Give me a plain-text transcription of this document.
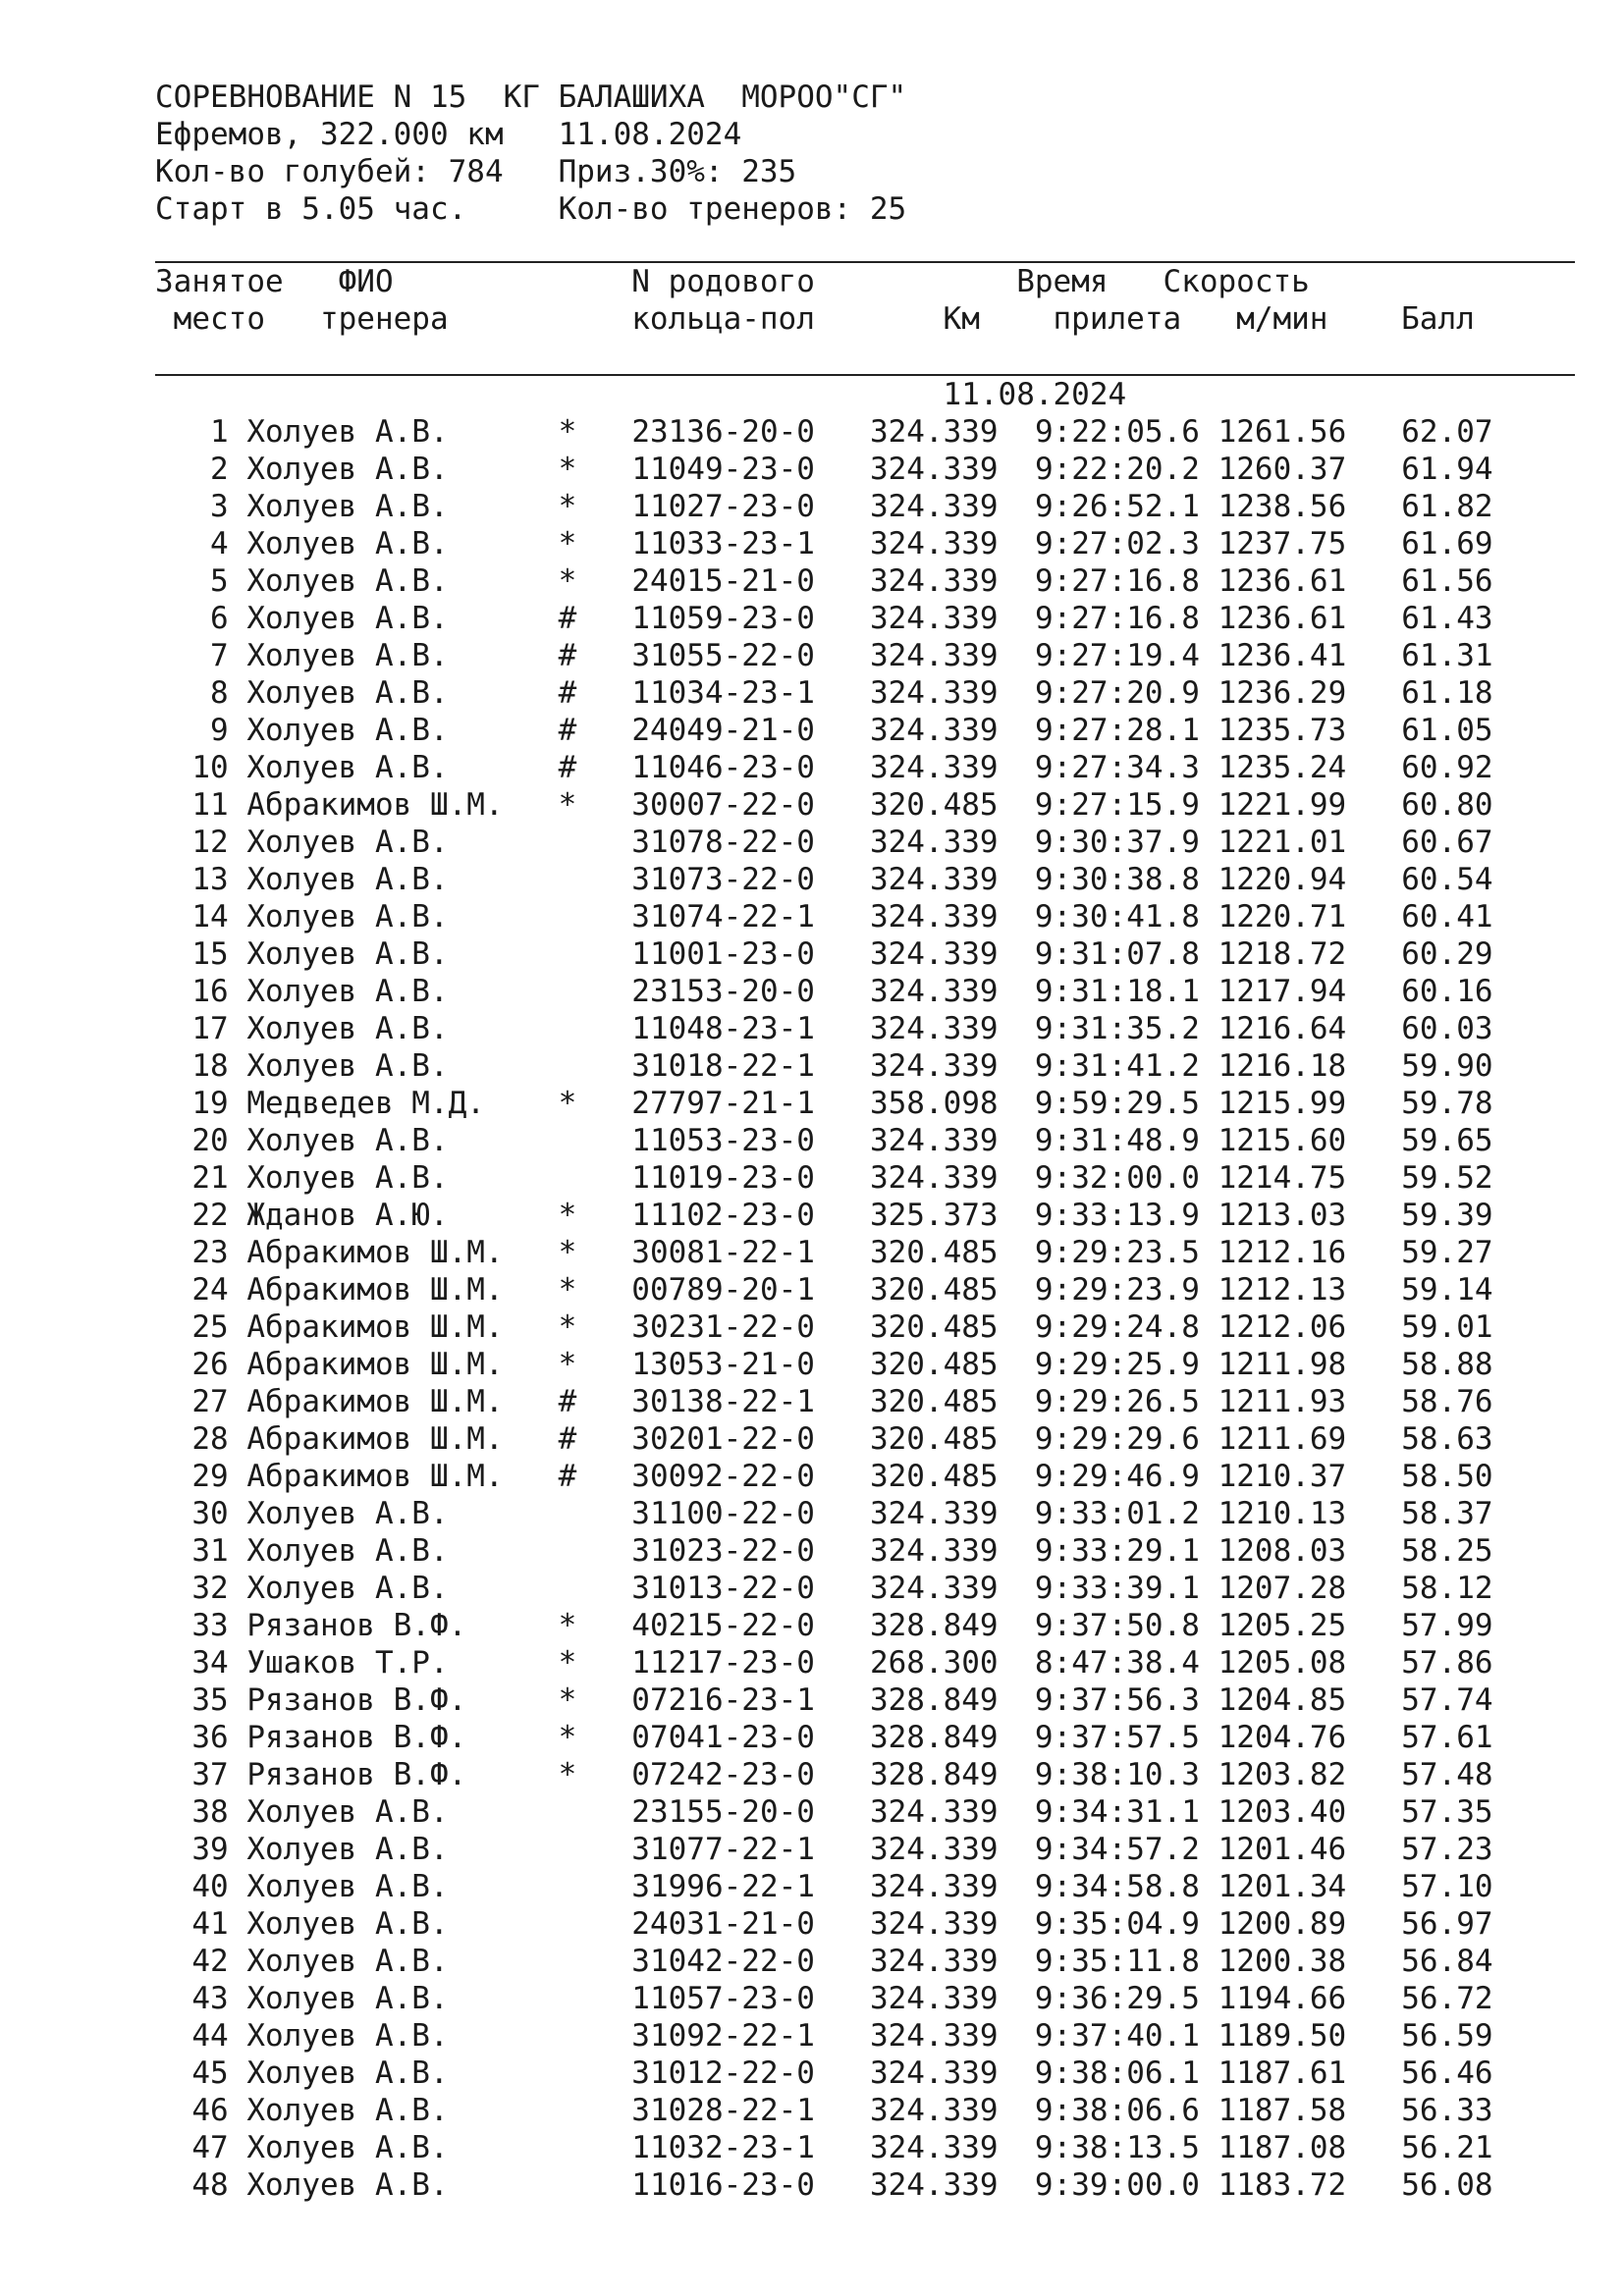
СОРЕВНОВАНИЕ N 15  КГ БАЛАШИХА  МОРОО"СГ"
Ефремов, 322.000 км   11.08.2024
Кол-во голубей: 784   Приз.30%: 235
Старт в 5.05 час.     Кол-во тренеров: 25
Занятое   ФИО             N родового           Время   Скорость
место   тренера          кольца-пол       Км    прилета   м/мин    Балл
11.08.2024
1 Холуев А.В.	* 23136-20-0 324.339 9:22:05.6 1261.56 62.07
2 Холуев А.В.	* 11049-23-0 324.339 9:22:20.2 1260.37 61.94
3 Холуев А.В.	* 11027-23-0 324.339 9:26:52.1 1238.56 61.82
4 Холуев А.В.	* 11033-23-1 324.339 9:27:02.3 1237.75 61.69
5 Холуев А.В.	* 24015-21-0 324.339 9:27:16.8 1236.61 61.56
6 Холуев А.В.	# 11059-23-0 324.339 9:27:16.8 1236.61 61.43
7 Холуев А.В.	# 31055-22-0 324.339 9:27:19.4 1236.41 61.31
8 Холуев А.В.	# 11034-23-1 324.339 9:27:20.9 1236.29 61.18
9 Холуев А.В.	# 24049-21-0 324.339 9:27:28.1 1235.73 61.05
10 Холуев А.В.	# 11046-23-0 324.339 9:27:34.3 1235.24 60.92
11 Абракимов Ш.М. * 30007-22-0 320.485 9:27:15.9 1221.99 60.80
12 Холуев А.В.	31078-22-0 324.339 9:30:37.9 1221.01 60.67
13 Холуев А.В.	31073-22-0 324.339 9:30:38.8 1220.94 60.54
14 Холуев А.В.	31074-22-1 324.339 9:30:41.8 1220.71 60.41
15 Холуев А.В.	11001-23-0 324.339 9:31:07.8 1218.72 60.29
16 Холуев А.В.	23153-20-0 324.339 9:31:18.1 1217.94 60.16
17 Холуев А.В.	11048-23-1 324.339 9:31:35.2 1216.64 60.03
18 Холуев А.В.	31018-22-1 324.339 9:31:41.2 1216.18 59.90
19 Медведев М.Д. * 27797-21-1 358.098 9:59:29.5 1215.99 59.78
20 Холуев А.В.	11053-23-0 324.339 9:31:48.9 1215.60 59.65
21 Холуев А.В.	11019-23-0 324.339 9:32:00.0 1214.75 59.52
22 Жданов А.Ю.	* 11102-23-0 325.373 9:33:13.9 1213.03 59.39
23 Абракимов Ш.М. * 30081-22-1 320.485 9:29:23.5 1212.16 59.27
24 Абракимов Ш.М. * 00789-20-1 320.485 9:29:23.9 1212.13 59.14
25 Абракимов Ш.М. * 30231-22-0 320.485 9:29:24.8 1212.06 59.01
26 Абракимов Ш.М. * 13053-21-0 320.485 9:29:25.9 1211.98 58.88
27 Абракимов Ш.М. # 30138-22-1 320.485 9:29:26.5 1211.93 58.76
28 Абракимов Ш.М. # 30201-22-0 320.485 9:29:29.6 1211.69 58.63
29 Абракимов Ш.М. # 30092-22-0 320.485 9:29:46.9 1210.37 58.50
30 Холуев А.В.	31100-22-0 324.339 9:33:01.2 1210.13 58.37
31 Холуев А.В.	31023-22-0 324.339 9:33:29.1 1208.03 58.25
32 Холуев А.В.	31013-22-0 324.339 9:33:39.1 1207.28 58.12
33 Рязанов В.Ф.	* 40215-22-0 328.849 9:37:50.8 1205.25 57.99
34 Ушаков Т.Р.	* 11217-23-0 268.300 8:47:38.4 1205.08 57.86
35 Рязанов В.Ф.	* 07216-23-1 328.849 9:37:56.3 1204.85 57.74
36 Рязанов В.Ф.	* 07041-23-0 328.849 9:37:57.5 1204.76 57.61
37 Рязанов В.Ф.	* 07242-23-0 328.849 9:38:10.3 1203.82 57.48
38 Холуев А.В.	23155-20-0 324.339 9:34:31.1 1203.40 57.35
39 Холуев А.В.	31077-22-1 324.339 9:34:57.2 1201.46 57.23
40 Холуев А.В.	31996-22-1 324.339 9:34:58.8 1201.34 57.10
41 Холуев А.В.	24031-21-0 324.339 9:35:04.9 1200.89 56.97
42 Холуев А.В.	31042-22-0 324.339 9:35:11.8 1200.38 56.84
43 Холуев А.В.	11057-23-0 324.339 9:36:29.5 1194.66 56.72
44 Холуев А.В.	31092-22-1 324.339 9:37:40.1 1189.50 56.59
45 Холуев А.В.	31012-22-0 324.339 9:38:06.1 1187.61 56.46
46 Холуев А.В.	31028-22-1 324.339 9:38:06.6 1187.58 56.33
47 Холуев А.В.	11032-23-1 324.339 9:38:13.5 1187.08 56.21
48 Холуев А.В.	11016-23-0 324.339 9:39:00.0 1183.72 56.08
